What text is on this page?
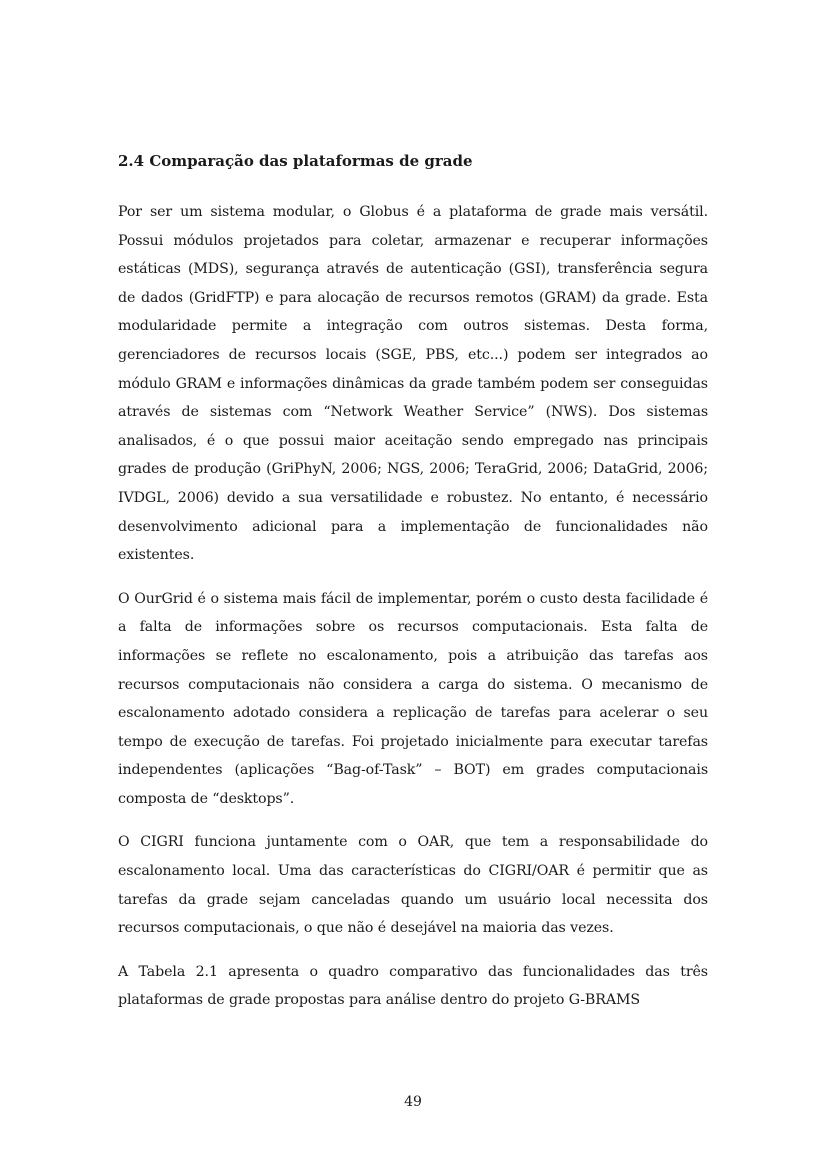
2.4 Comparação das plataformas de grade

Por ser um sistema modular, o Globus é a plataforma de grade mais versátil. Possui módulos projetados para coletar, armazenar e recuperar informações estáticas (MDS), segurança através de autenticação (GSI), transferência segura de dados (GridFTP) e para alocação de recursos remotos (GRAM) da grade. Esta modularidade permite a integração com outros sistemas. Desta forma, gerenciadores de recursos locais (SGE, PBS, etc...) podem ser integrados ao módulo GRAM e informações dinâmicas da grade também podem ser conseguidas através de sistemas com “Network Weather Service” (NWS). Dos sistemas analisados, é o que possui maior aceitação sendo empregado nas principais grades de produção (GriPhyN, 2006; NGS, 2006; TeraGrid, 2006; DataGrid, 2006; IVDGL, 2006) devido a sua versatilidade e robustez. No entanto, é necessário desenvolvimento adicional para a implementação de funcionalidades não existentes.

O OurGrid é o sistema mais fácil de implementar, porém o custo desta facilidade é a falta de informações sobre os recursos computacionais. Esta falta de informações se reflete no escalonamento, pois a atribuição das tarefas aos recursos computacionais não considera a carga do sistema. O mecanismo de escalonamento adotado considera a replicação de tarefas para acelerar o seu tempo de execução de tarefas. Foi projetado inicialmente para executar tarefas independentes (aplicações “Bag-of-Task” – BOT) em grades computacionais composta de “desktops”.

O CIGRI funciona juntamente com o OAR, que tem a responsabilidade do escalonamento local. Uma das características do CIGRI/OAR é permitir que as tarefas da grade sejam canceladas quando um usuário local necessita dos recursos computacionais, o que não é desejável na maioria das vezes.

A Tabela 2.1 apresenta o quadro comparativo das funcionalidades das três plataformas de grade propostas para análise dentro do projeto G-BRAMS

49
